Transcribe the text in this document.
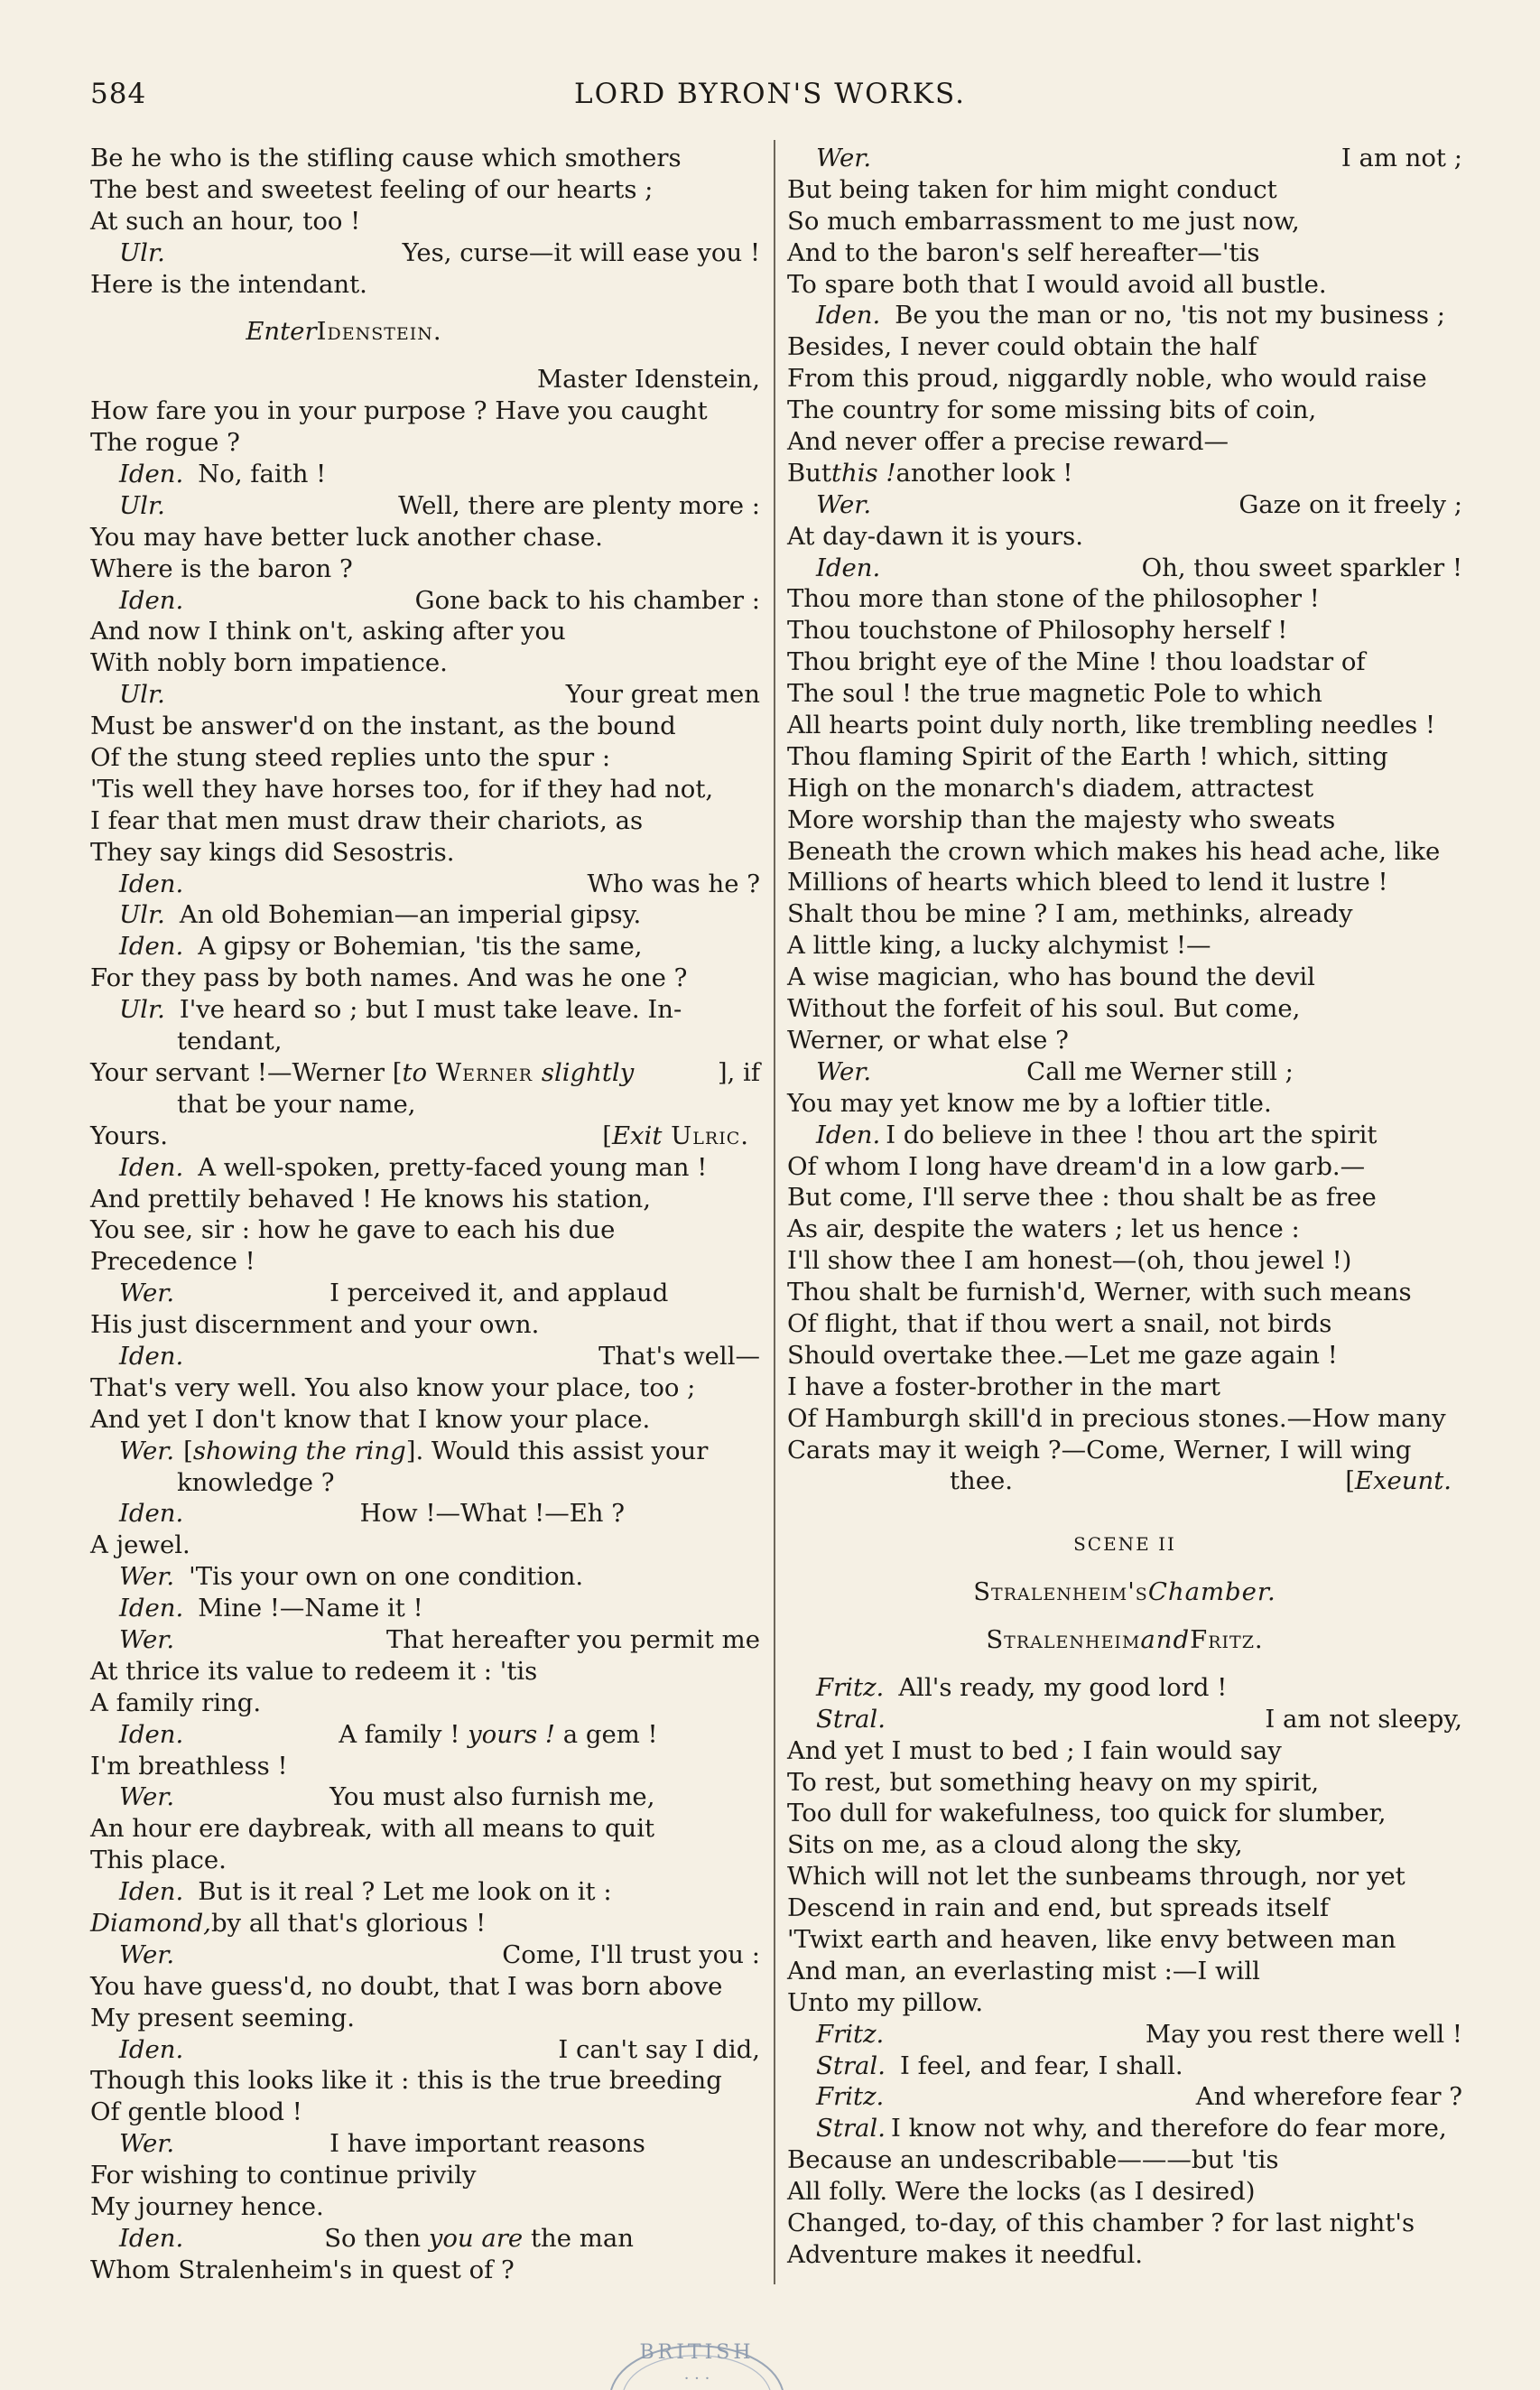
584	LORD BYRON'S WORKS.
Be he who is the stifling cause which smothers
The best and sweetest feeling of our hearts ;
At such an hour, too !
Ulr.	Yes, curse—it will ease you !
Here is the intendant.
Enter Idenstein.
Master Idenstein,
How fare you in your purpose ? Have you caught
The rogue ?
Iden. No, faith !
Ulr.	Well, there are plenty more :
You may have better luck another chase.
Where is the baron ?
Iden.	Gone back to his chamber :
And now I think on't, asking after you
With nobly born impatience.
Ulr.	Your great men
Must be answer'd on the instant, as the bound
Of the stung steed replies unto the spur :
'Tis well they have horses too, for if they had not,
I fear that men must draw their chariots, as
They say kings did Sesostris.
Iden.	Who was he ?
Ulr. An old Bohemian—an imperial gipsy.
Iden. A gipsy or Bohemian, 'tis the same,
For they pass by both names. And was he one ?
Ulr. I've heard so ; but I must take leave. In-
tendant,
Your servant !—Werner [to Werner slightly	], if
that be your name,
Yours.	[Exit Ulric.
Iden. A well-spoken, pretty-faced young man !
And prettily behaved ! He knows his station,
You see, sir : how he gave to each his due
Precedence !
Wer.	I perceived it, and applaud
His just discernment and your own.
Iden.	That's well—
That's very well. You also know your place, too ;
And yet I don't know that I know your place.
Wer. [ showing the ring ]. Would this assist your
knowledge ?
Iden.	How !—What !—Eh ?
A jewel.
Wer. 'Tis your own on one condition.
Iden. Mine !—Name it !
Wer.	That hereafter you permit me
At thrice its value to redeem it : 'tis
A family ring.
Iden.	A family ! yours ! a gem !
I'm breathless !
Wer.	You must also furnish me,
An hour ere daybreak, with all means to quit
This place.
Iden. But is it real ? Let me look on it :
Diamond, by all that's glorious !
Wer.	Come, I'll trust you :
You have guess'd, no doubt, that I was born above
My present seeming.
Iden.	I can't say I did,
Though this looks like it : this is the true breeding
Of gentle blood !
Wer.	I have important reasons
For wishing to continue privily
My journey hence.
Iden.	So then you are the man
Whom Stralenheim's in quest of ?
Wer.	I am not ;
But being taken for him might conduct
So much embarrassment to me just now,
And to the baron's self hereafter—'tis
To spare both that I would avoid all bustle.
Iden. Be you the man or no, 'tis not my business ;
Besides, I never could obtain the half
From this proud, niggardly noble, who would raise
The country for some missing bits of coin,
And never offer a precise reward—
But this ! another look !
Wer.	Gaze on it freely ;
At day-dawn it is yours.
Iden.	Oh, thou sweet sparkler !
Thou more than stone of the philosopher !
Thou touchstone of Philosophy herself !
Thou bright eye of the Mine ! thou loadstar of
The soul ! the true magnetic Pole to which
All hearts point duly north, like trembling needles !
Thou flaming Spirit of the Earth ! which, sitting
High on the monarch's diadem, attractest
More worship than the majesty who sweats
Beneath the crown which makes his head ache, like
Millions of hearts which bleed to lend it lustre !
Shalt thou be mine ? I am, methinks, already
A little king, a lucky alchymist !—
A wise magician, who has bound the devil
Without the forfeit of his soul. But come,
Werner, or what else ?
Wer.	Call me Werner still ;
You may yet know me by a loftier title.
Iden. I do believe in thee ! thou art the spirit
Of whom I long have dream'd in a low garb.—
But come, I'll serve thee : thou shalt be as free
As air, despite the waters ; let us hence :
I'll show thee I am honest—(oh, thou jewel !)
Thou shalt be furnish'd, Werner, with such means
Of flight, that if thou wert a snail, not birds
Should overtake thee.—Let me gaze again !
I have a foster-brother in the mart
Of Hamburgh skill'd in precious stones.—How many
Carats may it weigh ?—Come, Werner, I will wing
thee.	[Exeunt.
SCENE II
Stralenheim's Chamber.
Stralenheim and Fritz.
Fritz. All's ready, my good lord !
Stral.	I am not sleepy,
And yet I must to bed ; I fain would say
To rest, but something heavy on my spirit,
Too dull for wakefulness, too quick for slumber,
Sits on me, as a cloud along the sky,
Which will not let the sunbeams through, nor yet
Descend in rain and end, but spreads itself
'Twixt earth and heaven, like envy between man
And man, an everlasting mist :—I will
Unto my pillow.
Fritz.	May you rest there well !
Stral. I feel, and fear, I shall.
Fritz.	And wherefore fear ?
Stral. I know not why, and therefore do fear more,
Because an undescribable———but 'tis
All folly. Were the locks (as I desired)
Changed, to-day, of this chamber ? for last night's
Adventure makes it needful.
BRITISH
· · ·
